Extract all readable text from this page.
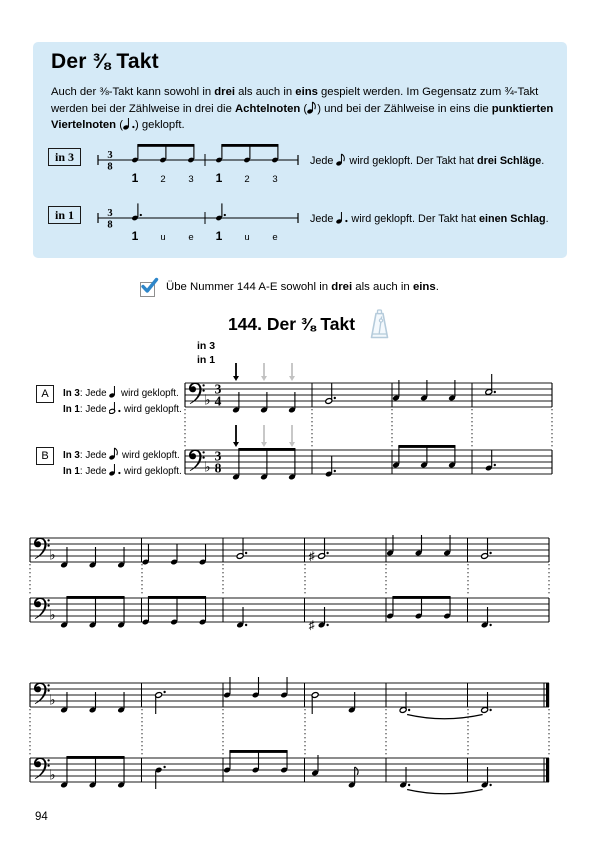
Der ⅜ Takt
Auch der ⅜-Takt kann sowohl in drei als auch in eins gespielt werden. Im Gegensatz zum ¾-Takt werden bei der Zählweise in drei die Achtelnoten ( ) und bei der Zählweise in eins die punktierten Viertelnoten ( ) geklopft.
in 3	3
8
1 2 3 1 2 3
Jede  wird geklopft. Der Takt hat drei Schläge.
in 1	3
8
1 u e 1 u e
Jede  wird geklopft. Der Takt hat einen Schlag.
Übe Nummer 144 A-E sowohl in drei als auch in eins.
144. Der ⅜ Takt
in 3
in 1
A	In 3: Jede  wird geklopft.
In 1: Jede  wird geklopft.
B	In 3: Jede  wird geklopft.
In 1: Jede  wird geklopft.
♭
3
4
♭
3
8
♭	♯
♭
♯
♭
♭
94
